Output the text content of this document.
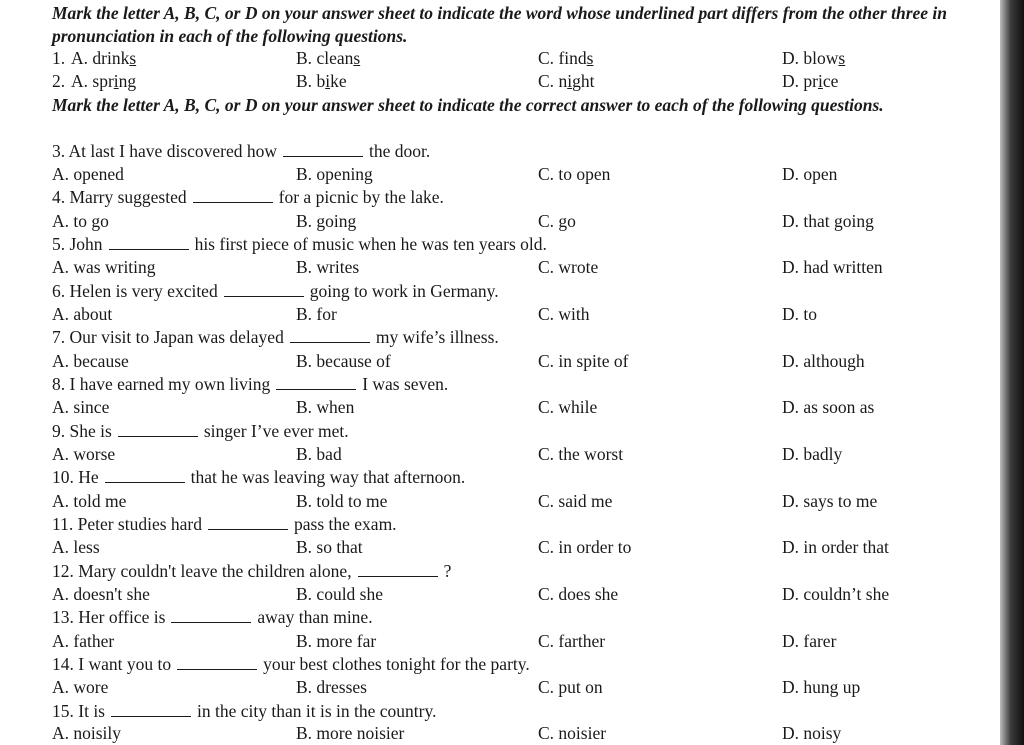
Mark the letter A, B, C, or D on your answer sheet to indicate the word whose underlined part differs from the other three in pronunciation in each of the following questions.
1. A. drinks	B. cleans	C. finds	D. blows
2. A. spring	B. bike	C. night	D. price
Mark the letter A, B, C, or D on your answer sheet to indicate the correct answer to each of the following questions.
3. At last I have discovered how	the door.
A. opened	B. opening	C. to open	D. open
4. Marry suggested	for a picnic by the lake.
A. to go	B. going	C. go	D. that going
5. John	his first piece of music when he was ten years old.
A. was writing	B. writes	C. wrote	D. had written
6. Helen is very excited	going to work in Germany.
A. about	B. for	C. with	D. to
7. Our visit to Japan was delayed	my wife’s illness.
A. because	B. because of	C. in spite of	D. although
8. I have earned my own living	I was seven.
A. since	B. when	C. while	D. as soon as
9. She is	singer I’ve ever met.
A. worse	B. bad	C. the worst	D. badly
10. He	that he was leaving way that afternoon.
A. told me	B. told to me	C. said me	D. says to me
11. Peter studies hard	pass the exam.
A. less	B. so that	C. in order to	D. in order that
12. Mary couldn't leave the children alone,	?
A. doesn't she	B. could she	C. does she	D. couldn’t she
13. Her office is	away than mine.
A. father	B. more far	C. farther	D. farer
14. I want you to	your best clothes tonight for the party.
A. wore	B. dresses	C. put on	D. hung up
15. It is	in the city than it is in the country.
A. noisily	B. more noisier	C. noisier	D. noisy
